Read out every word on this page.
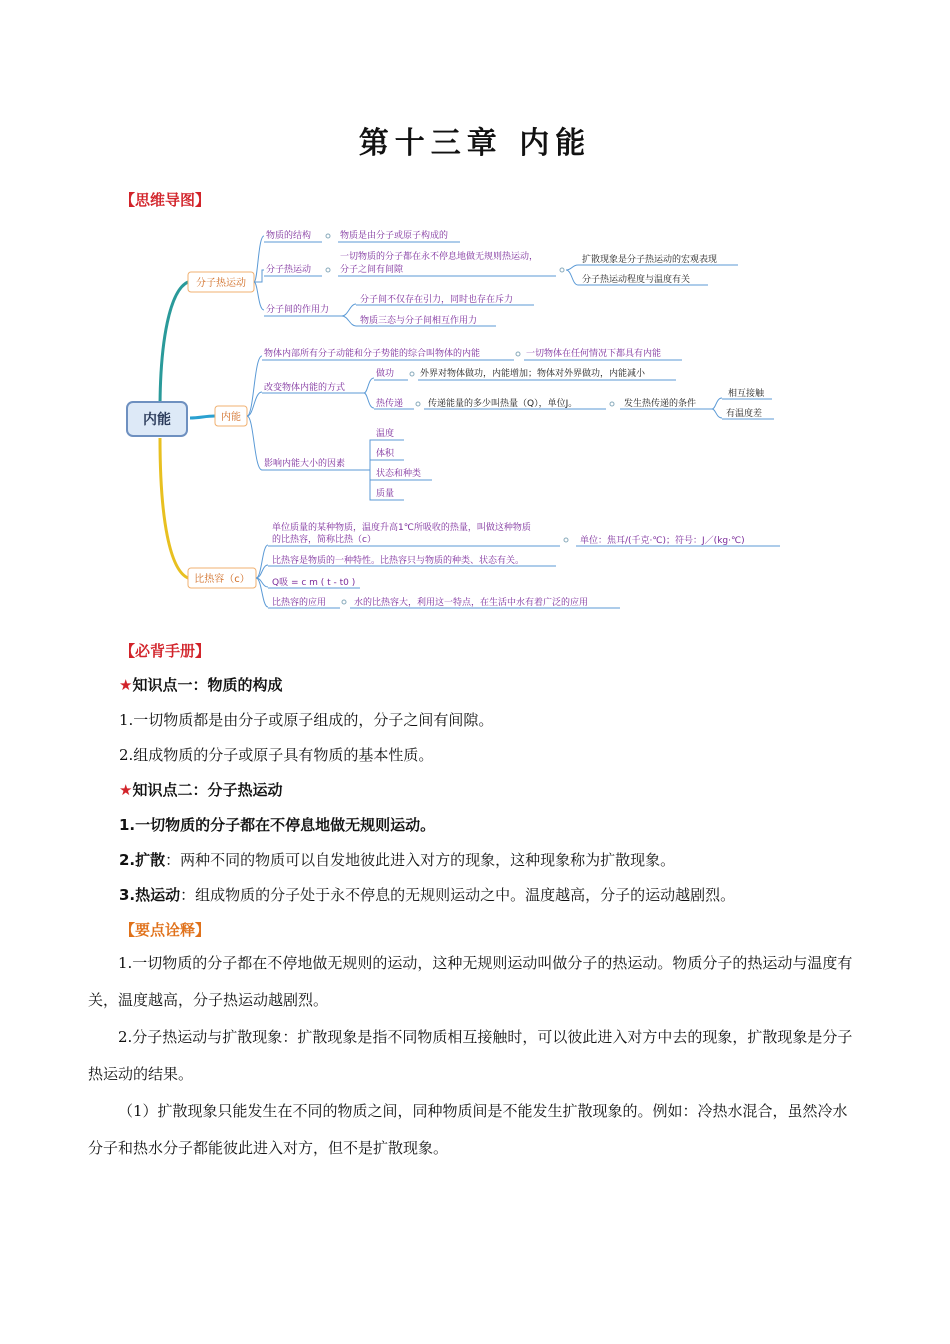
第十三章 内能
【思维导图】
内能
分子热运动
物质的结构	物质是由分子或原子构成的
分子热运动
一切物质的分子都在永不停息地做无规则热运动，
分子之间有间隙
扩散现象是分子热运动的宏观表现
分子热运动程度与温度有关
分子间的作用力
分子间不仅存在引力，同时也存在斥力
物质三态与分子间相互作用力
内能
物体内部所有分子动能和分子势能的综合叫物体的内能	一切物体在任何情况下都具有内能
改变物体内能的方式
做功	外界对物体做功，内能增加；物体对外界做功，内能减小
热传递	传递能量的多少叫热量（Q），单位J。	发生热传递的条件
相互接触
有温度差
影响内能大小的因素
温度
体积
状态和种类
质量
比热容（c）
单位质量的某种物质，温度升高1℃所吸收的热量，叫做这种物质
的比热容，简称比热（c）	单位：焦耳/(千克·℃)；符号：J／(kg·℃)
比热容是物质的一种特性。比热容只与物质的种类、状态有关。
Q吸 = c m ( t - t0 )
比热容的应用	水的比热容大，利用这一特点，在生活中水有着广泛的应用
【必背手册】
★知识点一：物质的构成
1.一切物质都是由分子或原子组成的，分子之间有间隙。
2.组成物质的分子或原子具有物质的基本性质。
★知识点二：分子热运动
1.一切物质的分子都在不停息地做无规则运动。
2.扩散：两种不同的物质可以自发地彼此进入对方的现象，这种现象称为扩散现象。
3.热运动：组成物质的分子处于永不停息的无规则运动之中。温度越高，分子的运动越剧烈。
【要点诠释】
1.一切物质的分子都在不停地做无规则的运动，这种无规则运动叫做分子的热运动。物质分子的热运动与温度有关，温度越高，分子热运动越剧烈。
2.分子热运动与扩散现象：扩散现象是指不同物质相互接触时，可以彼此进入对方中去的现象，扩散现象是分子热运动的结果。
（1）扩散现象只能发生在不同的物质之间，同种物质间是不能发生扩散现象的。例如：冷热水混合，虽然冷水分子和热水分子都能彼此进入对方，但不是扩散现象。
